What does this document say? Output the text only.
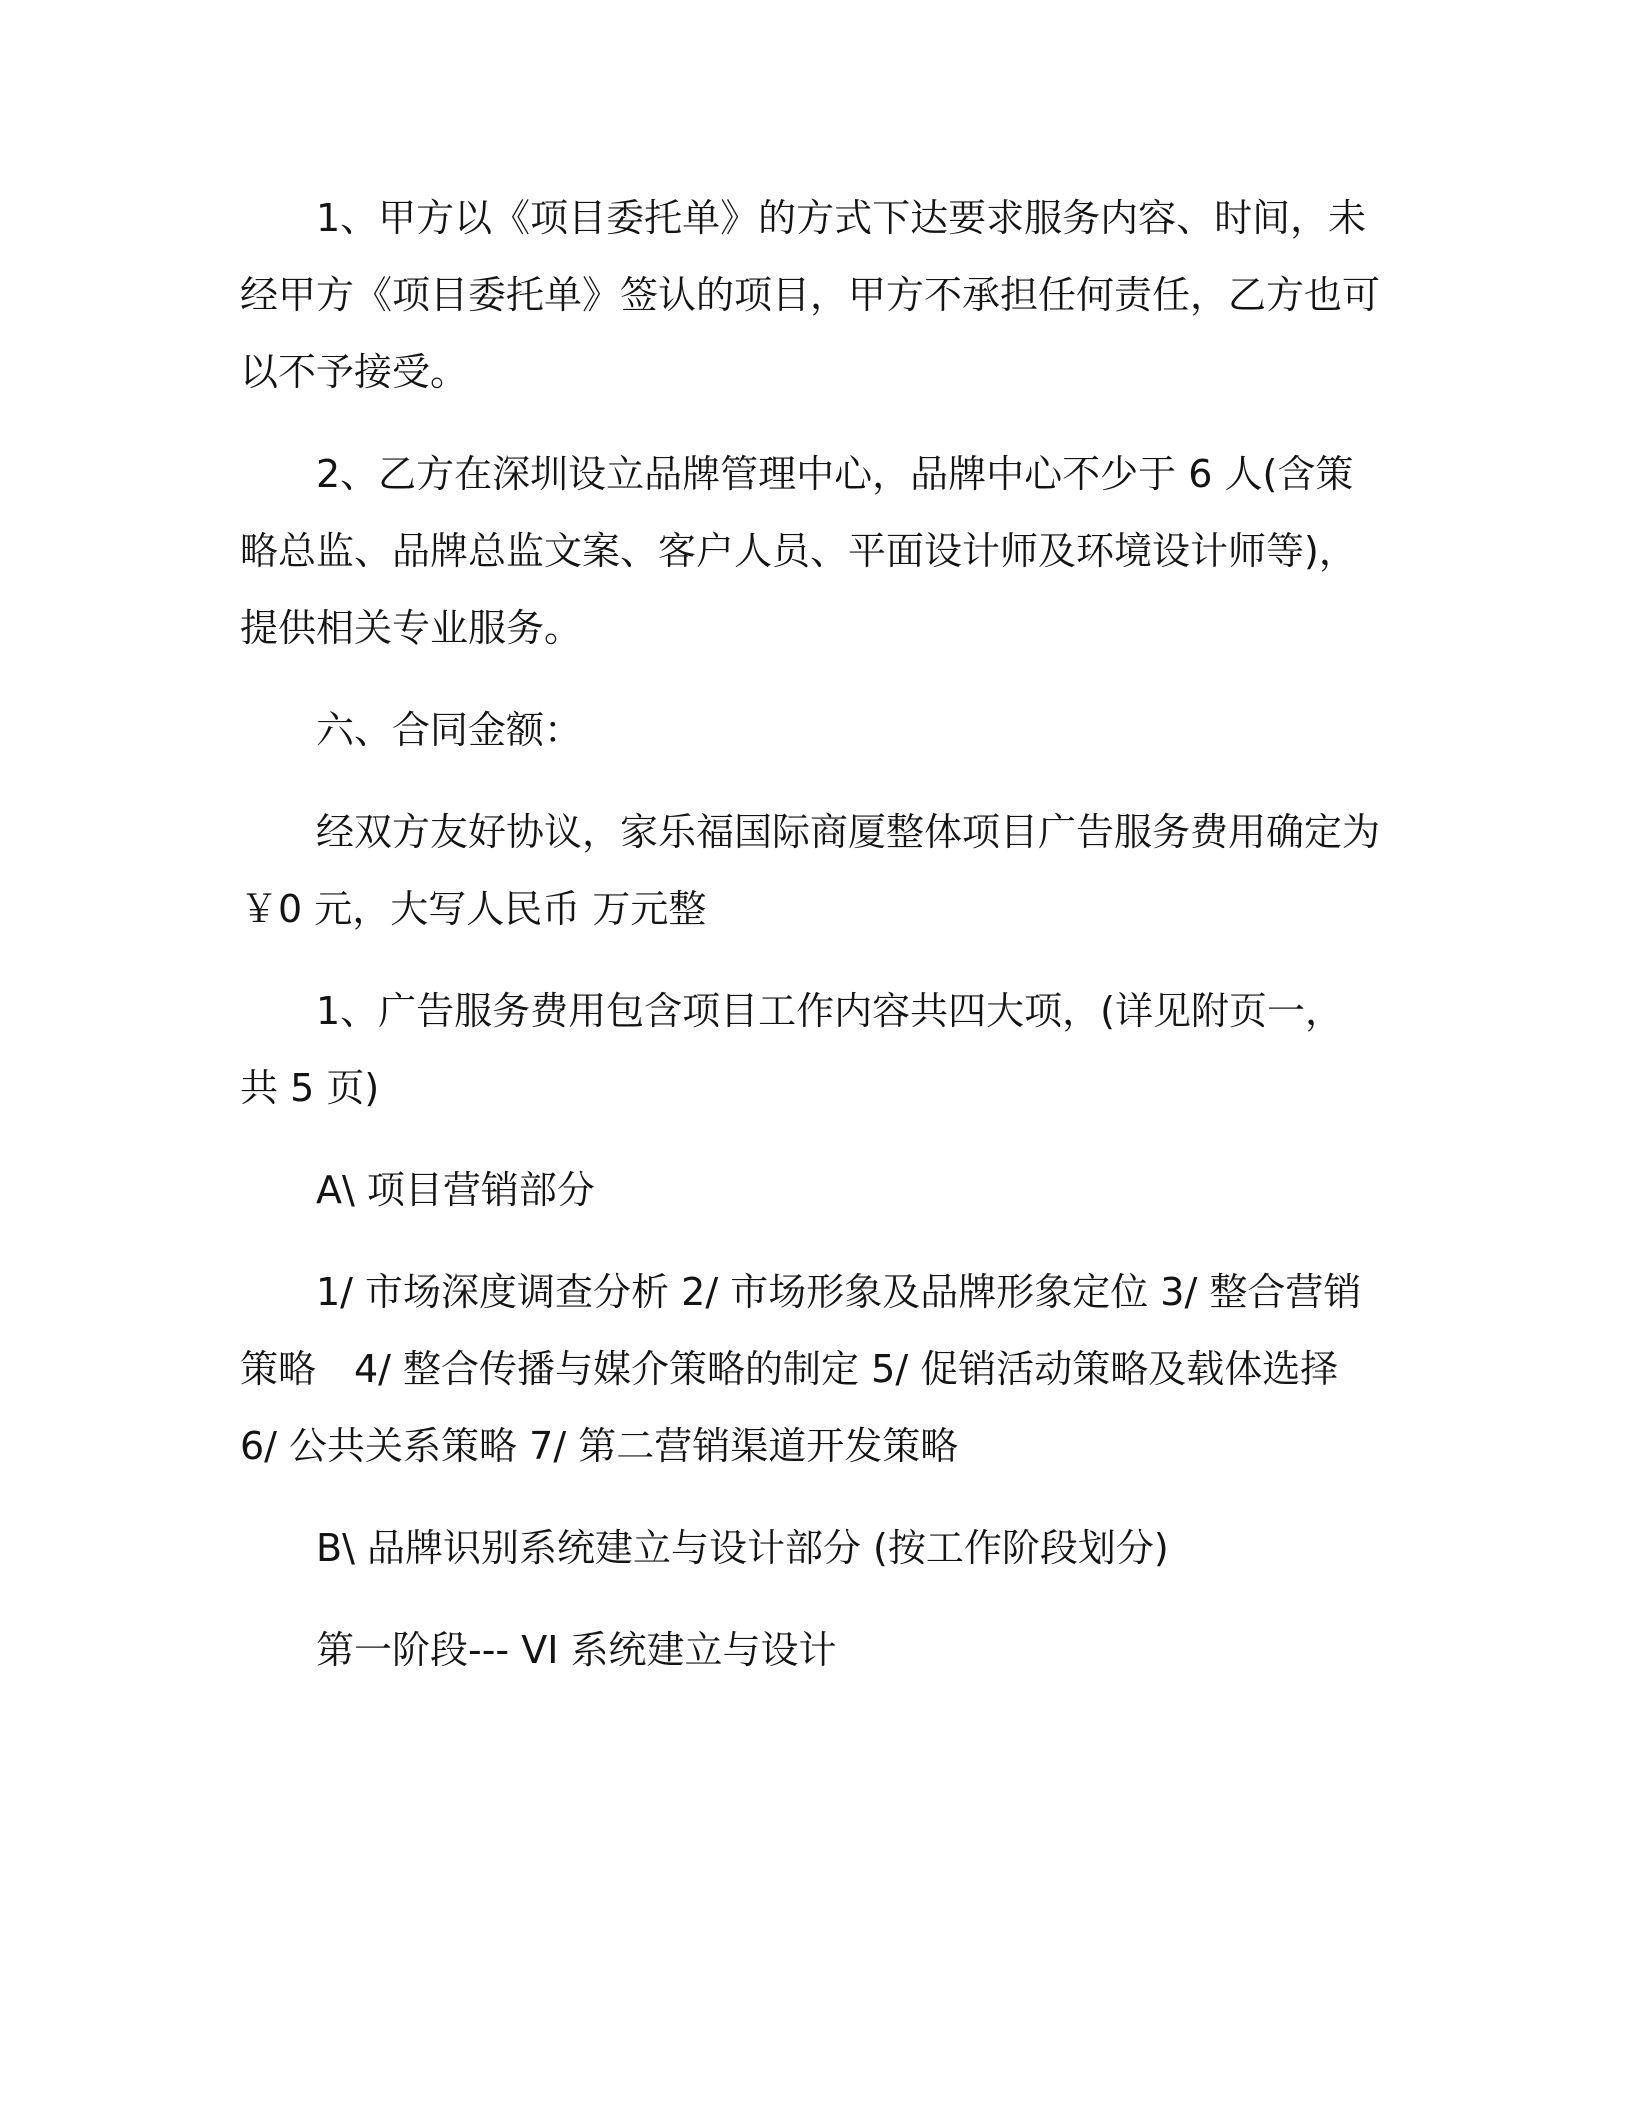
1、甲方以《项目委托单》的方式下达要求服务内容、时间，未经甲方《项目委托单》签认的项目，甲方不承担任何责任，乙方也可以不予接受。

2、乙方在深圳设立品牌管理中心，品牌中心不少于 6 人(含策略总监、品牌总监文案、客户人员、平面设计师及环境设计师等)，提供相关专业服务。

六、合同金额：

经双方友好协议，家乐福国际商厦整体项目广告服务费用确定为￥0 元，大写人民币 万元整

1、广告服务费用包含项目工作内容共四大项，(详见附页一，共 5 页)

A\ 项目营销部分

1/ 市场深度调查分析 2/ 市场形象及品牌形象定位 3/ 整合营销策略　4/ 整合传播与媒介策略的制定 5/ 促销活动策略及载体选择 6/ 公共关系策略 7/ 第二营销渠道开发策略

B\ 品牌识别系统建立与设计部分 (按工作阶段划分)

第一阶段--- VI 系统建立与设计
